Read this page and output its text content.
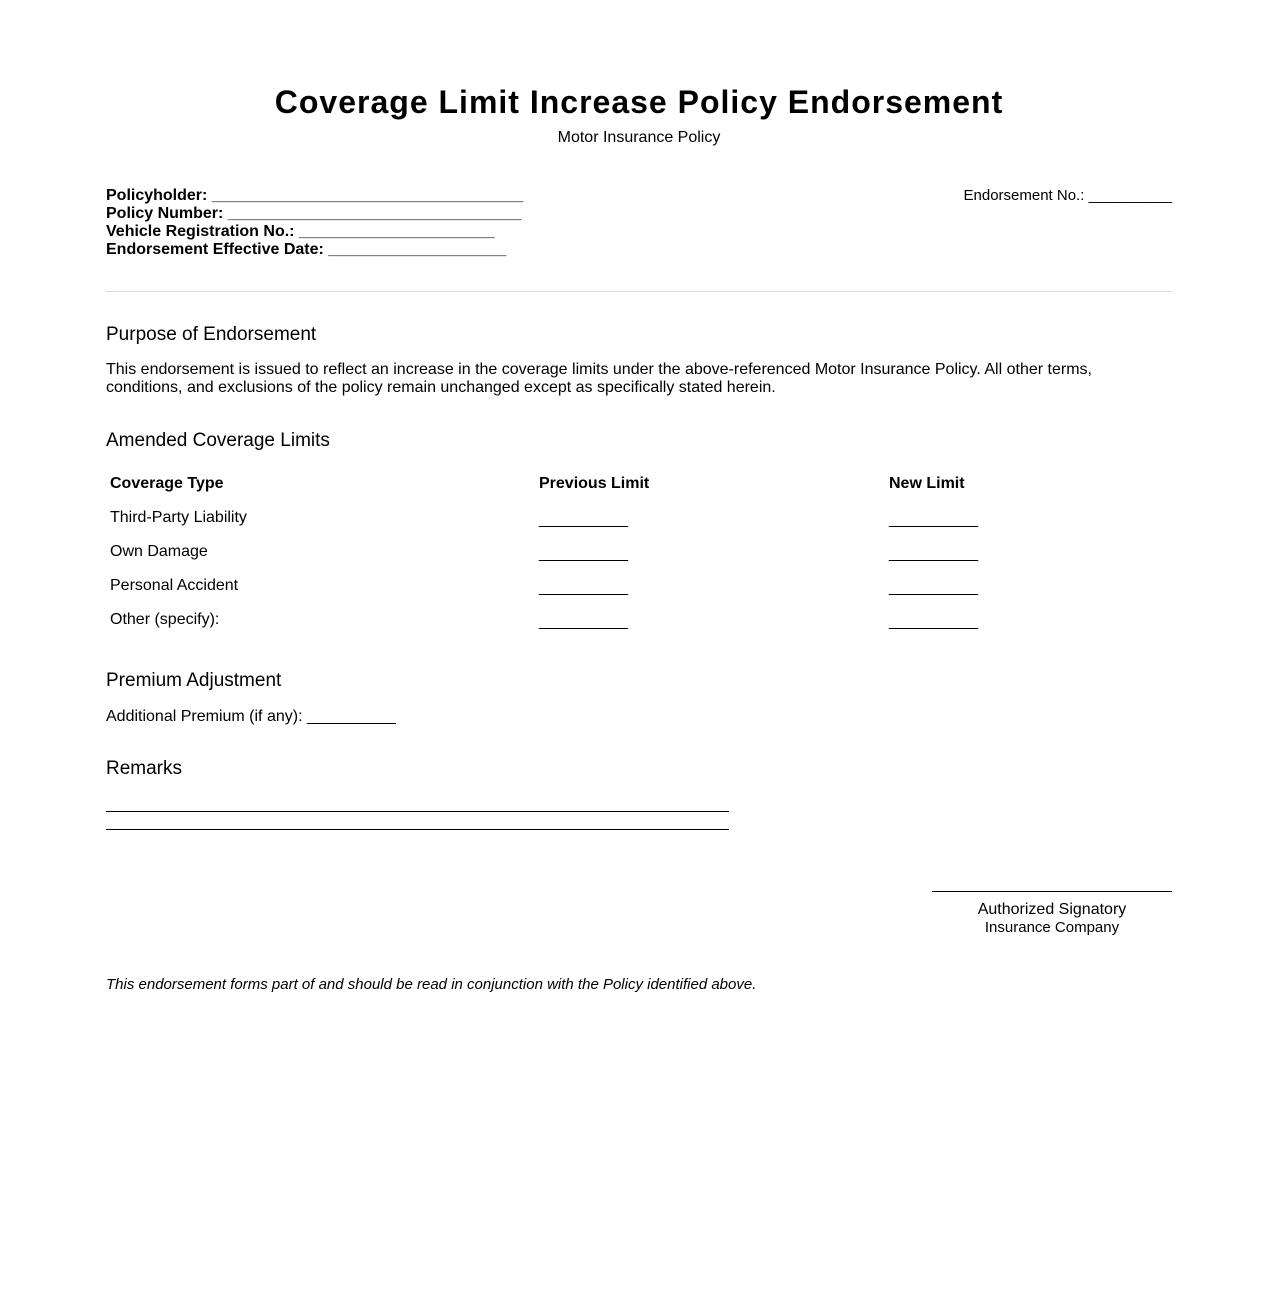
Coverage Limit Increase Policy Endorsement
Motor Insurance Policy
Policyholder: ___________________________________
Policy Number: _________________________________
Vehicle Registration No.: ______________________
Endorsement Effective Date: ____________________
Endorsement No.: __________
Purpose of Endorsement

This endorsement is issued to reflect an increase in the coverage limits under the above-referenced Motor Insurance Policy. All other terms, conditions, and exclusions of the policy remain unchanged except as specifically stated herein.

Amended Coverage Limits
Coverage Type	Previous Limit	New Limit
Third-Party Liability	__________	__________
Own Damage	__________	__________
Personal Accident	__________	__________
Other (specify):	__________	__________
Premium Adjustment
Additional Premium (if any): __________
Remarks
Authorized Signatory
Insurance Company

This endorsement forms part of and should be read in conjunction with the Policy identified above.
